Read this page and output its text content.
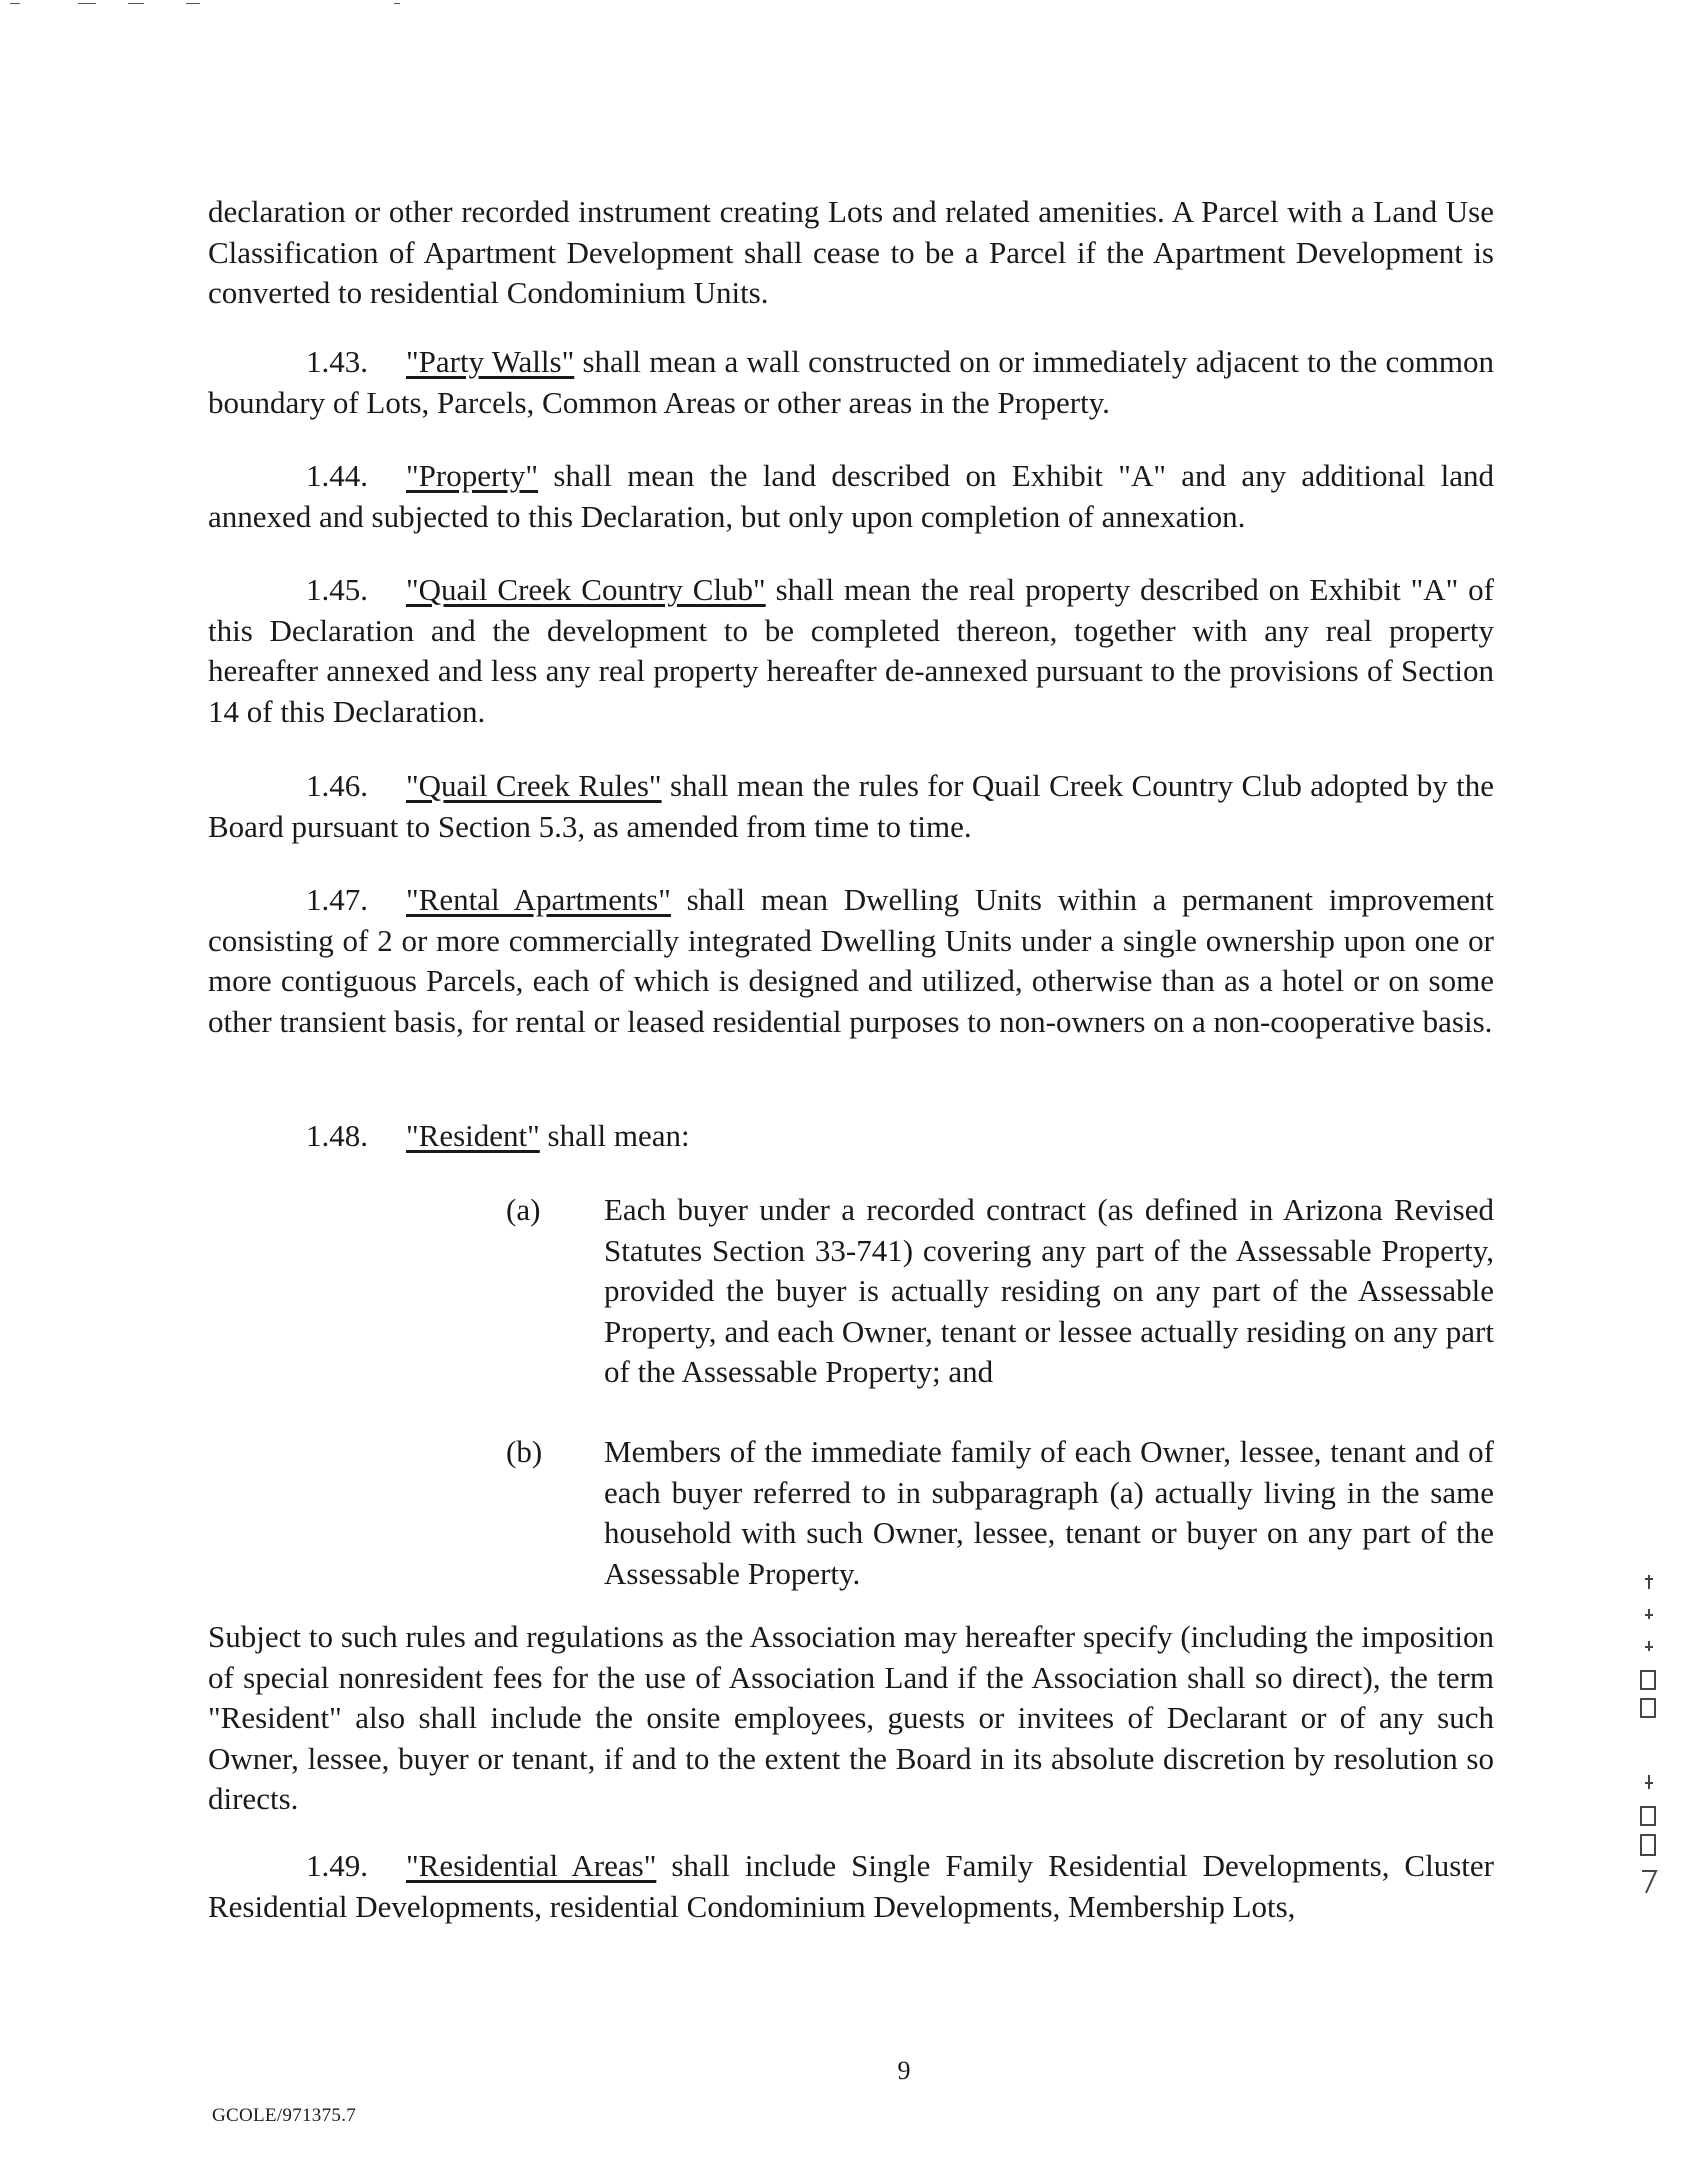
declaration or other recorded instrument creating Lots and related amenities. A Parcel with a Land Use Classification of Apartment Development shall cease to be a Parcel if the Apartment Development is converted to residential Condominium Units.

1.43. "Party Walls" shall mean a wall constructed on or immediately adjacent to the common boundary of Lots, Parcels, Common Areas or other areas in the Property.

1.44. "Property" shall mean the land described on Exhibit "A" and any additional land annexed and subjected to this Declaration, but only upon completion of annexation.

1.45. "Quail Creek Country Club" shall mean the real property described on Exhibit "A" of this Declaration and the development to be completed thereon, together with any real property hereafter annexed and less any real property hereafter de-annexed pursuant to the provisions of Section 14 of this Declaration.

1.46. "Quail Creek Rules" shall mean the rules for Quail Creek Country Club adopted by the Board pursuant to Section 5.3, as amended from time to time.

1.47. "Rental Apartments" shall mean Dwelling Units within a permanent improvement consisting of 2 or more commercially integrated Dwelling Units under a single ownership upon one or more contiguous Parcels, each of which is designed and utilized, otherwise than as a hotel or on some other transient basis, for rental or leased residential purposes to non-owners on a non-cooperative basis.

1.48. "Resident" shall mean:

(a) Each buyer under a recorded contract (as defined in Arizona Revised Statutes Section 33-741) covering any part of the Assessable Property, provided the buyer is actually residing on any part of the Assessable Property, and each Owner, tenant or lessee actually residing on any part of the Assessable Property; and
(b) Members of the immediate family of each Owner, lessee, tenant and of each buyer referred to in subparagraph (a) actually living in the same household with such Owner, lessee, tenant or buyer on any part of the Assessable Property.

Subject to such rules and regulations as the Association may hereafter specify (including the imposition of special nonresident fees for the use of Association Land if the Association shall so direct), the term "Resident" also shall include the onsite employees, guests or invitees of Declarant or of any such Owner, lessee, buyer or tenant, if and to the extent the Board in its absolute discretion by resolution so directs.

1.49. "Residential Areas" shall include Single Family Residential Developments, Cluster Residential Developments, residential Condominium Developments, Membership Lots,

9
GCOLE/971375.7
